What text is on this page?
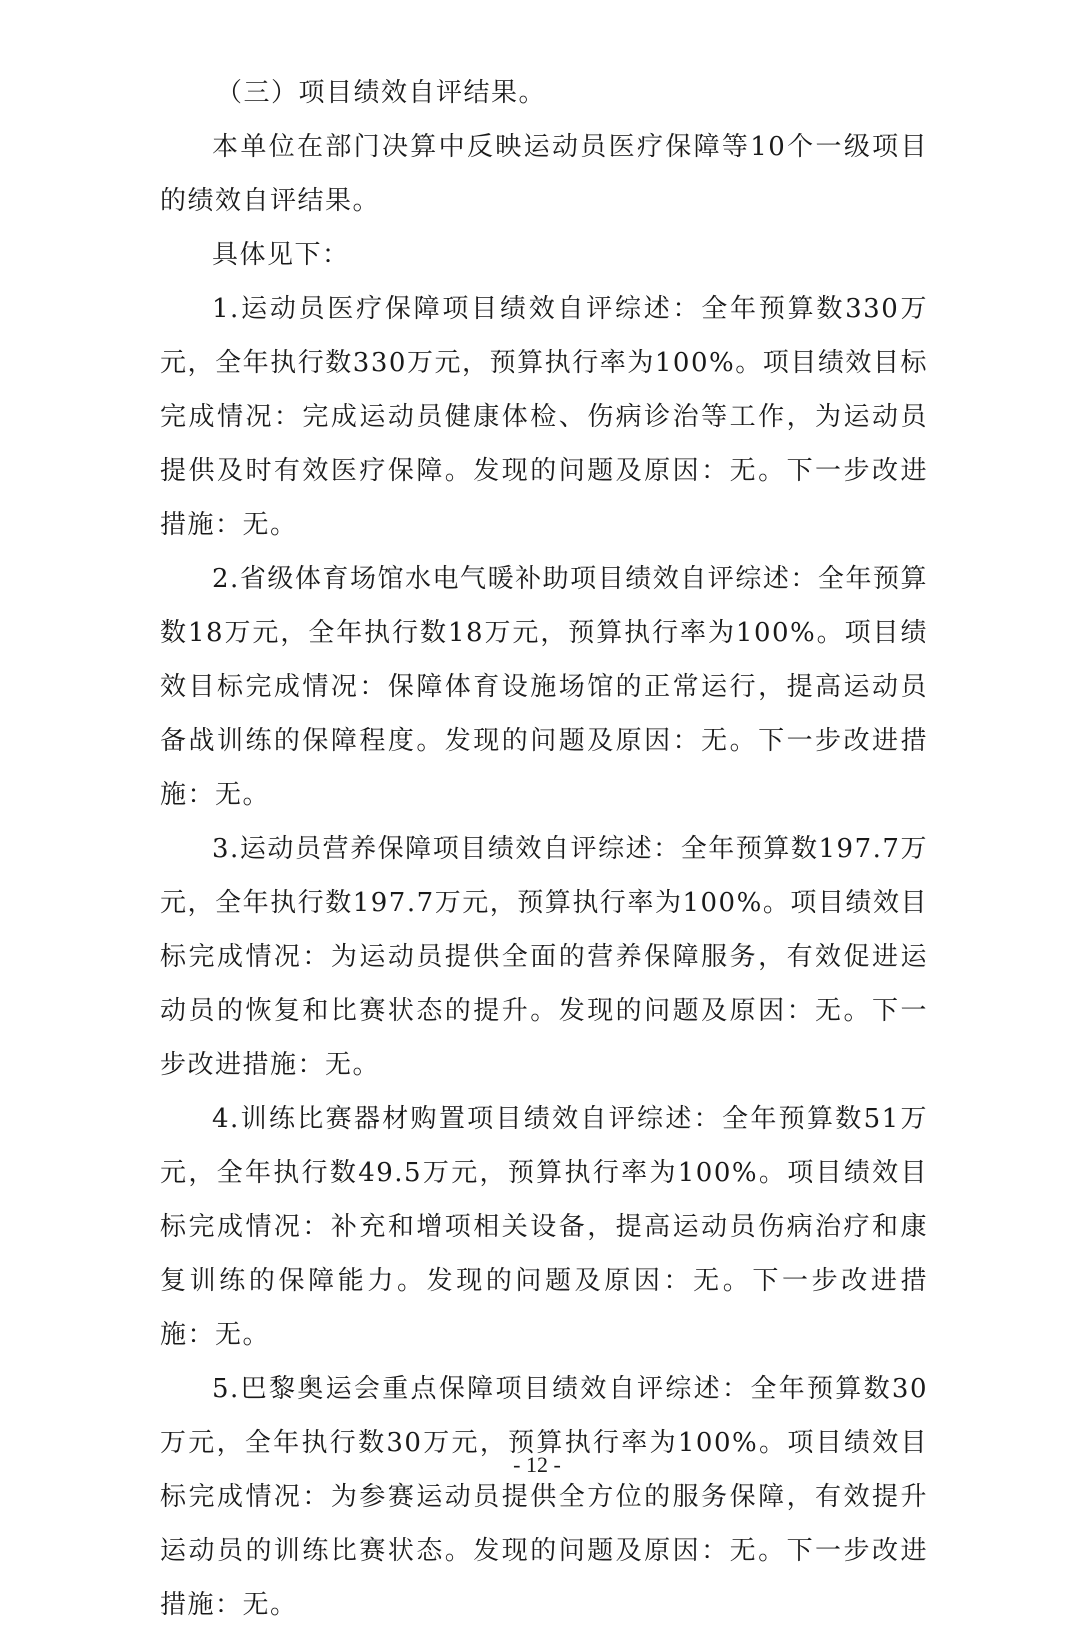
（三）项目绩效自评结果。

本单位在部门决算中反映运动员医疗保障等10个一级项目的绩效自评结果。

具体见下：

1.运动员医疗保障项目绩效自评综述：全年预算数330万元，全年执行数330万元，预算执行率为100%。项目绩效目标完成情况：完成运动员健康体检、伤病诊治等工作，为运动员提供及时有效医疗保障。发现的问题及原因：无。下一步改进措施：无。

2.省级体育场馆水电气暖补助项目绩效自评综述：全年预算数18万元，全年执行数18万元，预算执行率为100%。项目绩效目标完成情况：保障体育设施场馆的正常运行，提高运动员备战训练的保障程度。发现的问题及原因：无。下一步改进措施：无。

3.运动员营养保障项目绩效自评综述：全年预算数197.7万元，全年执行数197.7万元，预算执行率为100%。项目绩效目标完成情况：为运动员提供全面的营养保障服务，有效促进运动员的恢复和比赛状态的提升。发现的问题及原因：无。下一步改进措施：无。

4.训练比赛器材购置项目绩效自评综述：全年预算数51万元，全年执行数49.5万元，预算执行率为100%。项目绩效目标完成情况：补充和增项相关设备，提高运动员伤病治疗和康复训练的保障能力。发现的问题及原因：无。下一步改进措施：无。

5.巴黎奥运会重点保障项目绩效自评综述：全年预算数30万元，全年执行数30万元，预算执行率为100%。项目绩效目标完成情况：为参赛运动员提供全方位的服务保障，有效提升运动员的训练比赛状态。发现的问题及原因：无。下一步改进措施：无。

- 12 -
